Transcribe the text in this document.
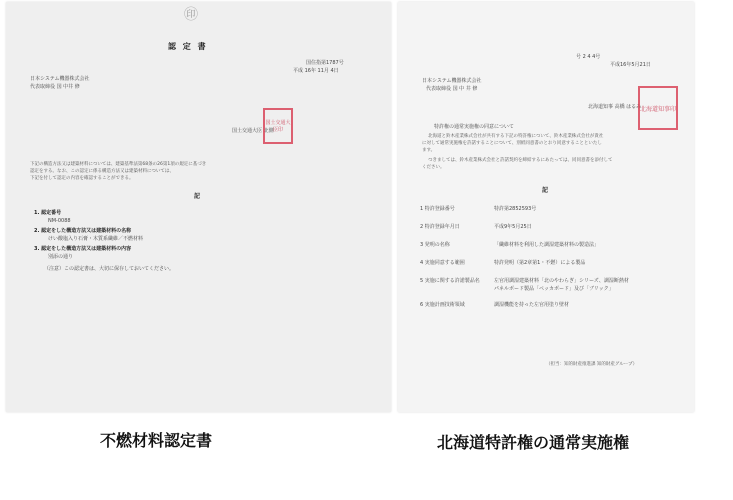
㊞
認 定 書
国住指第1787号
平成 16年 11月 4日
日本システム機器株式会社
代表取締役 国 中井 修
国土交通大臣 北側
国土交通大臣印
下記の構造方法又は建築材料については、建築基準法第68条の26第1項の規定に基づき
認定をする。なお、この認定に係る構造方法又は建築材料については、
下記を付して認定の内容を確認することができる。
記
1. 認定番号
NM-0088
2. 認定をした構造方法又は建築材料の名称
けい酸塩入り石膏・木質系繊維／不燃材料
3. 認定をした構造方法又は建築材料の内容
別添の通り
（注意）この認定書は、大切に保存しておいてください。
不燃材料認定書
号 2 4 4号
平成16年5月21日
日本システム機器株式会社
代表取締役 国 中 井 修
北海道知事 高橋 はるみ
北海道知事印
特許権の通常実施権の同意について
北海道と鈴木産業株式会社が共有する下記の特許権について、鈴木産業株式会社が貴社
に対して通常実施権を許諾することについて、別紙同意書のとおり同意することといたし
ます。
つきましては、鈴木産業株式会社と許諾契約を締結するにあたっては、同同意書を添付して
ください。
記
1 特許登録番号	特許第2852593号
2 特許登録年月日	平成9年5月25日
3 発明の名称	「繊維材料を利用した調湿建築材料の製造法」
4 実施同意する範囲	特許発明（第2章第1・不燃）による製品
5 実施に関する許諾製品名	左官用調湿建築材料「北のやわらぎ」シリーズ、調湿断熱材
パネルボード製品「ペッカボード」及び「ブリック」
6 実施計画技術領域	調湿機能を持った左官用塗り壁材
（担当：知的財産推進課 知的財産グループ）
北海道特許権の通常実施権
